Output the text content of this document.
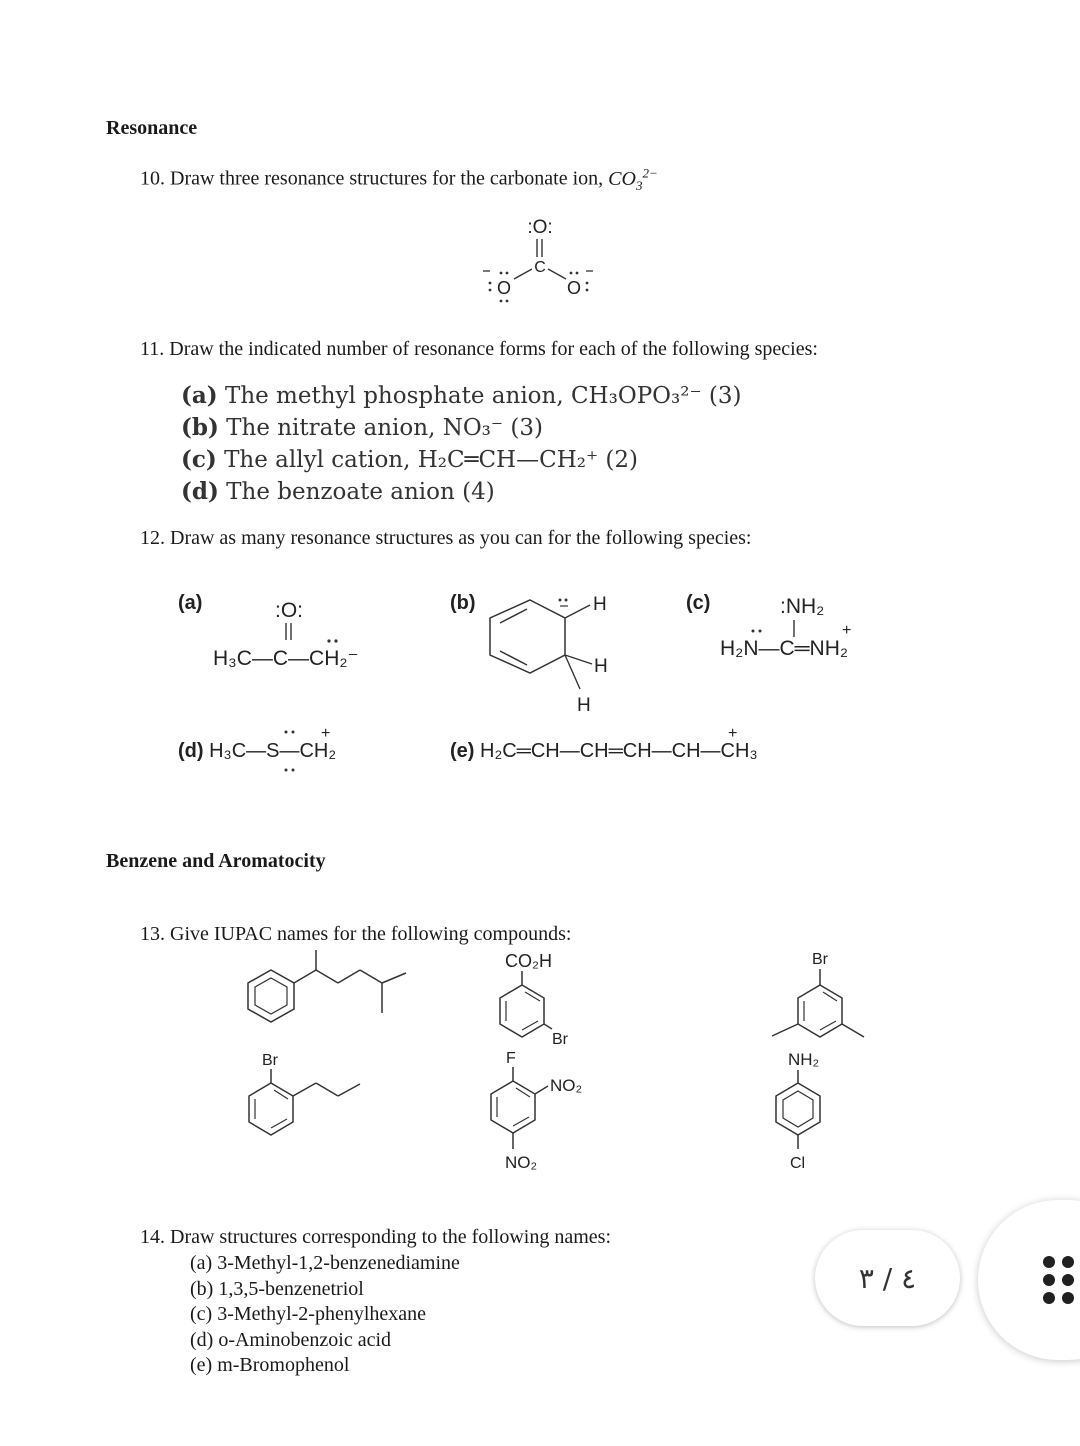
Resonance
10. Draw three resonance structures for the carbonate ion, $CO_3^{2-}$
:O:
C
O	O
11. Draw the indicated number of resonance forms for each of the following species:
(a) The methyl phosphate anion, CH₃OPO₃²⁻ (3)
(b) The nitrate anion, NO₃⁻ (3)
(c) The allyl cation, H₂C═CH—CH₂⁺ (2)
(d) The benzoate anion (4)
12. Draw as many resonance structures as you can for the following species:
(a)	:O:
H₃C—C—CH₂⁻
(b)	H
H
H
(c)	:NH₂
H₂N—C═NH₂
+
(d) H₃C—S—CH₂
+
(e) H₂C═CH—CH═CH—CH—CH₃
+
Benzene and Aromatocity
13. Give IUPAC names for the following compounds:
CO₂H
Br
Br
Br	F
NO₂
NO₂
NH₂
Cl
14. Draw structures corresponding to the following names:
(a) 3-Methyl-1,2-benzenediamine
(b) 1,3,5-benzenetriol
(c) 3-Methyl-2-phenylhexane
(d) o-Aminobenzoic acid
(e) m-Bromophenol
٤ / ٣
